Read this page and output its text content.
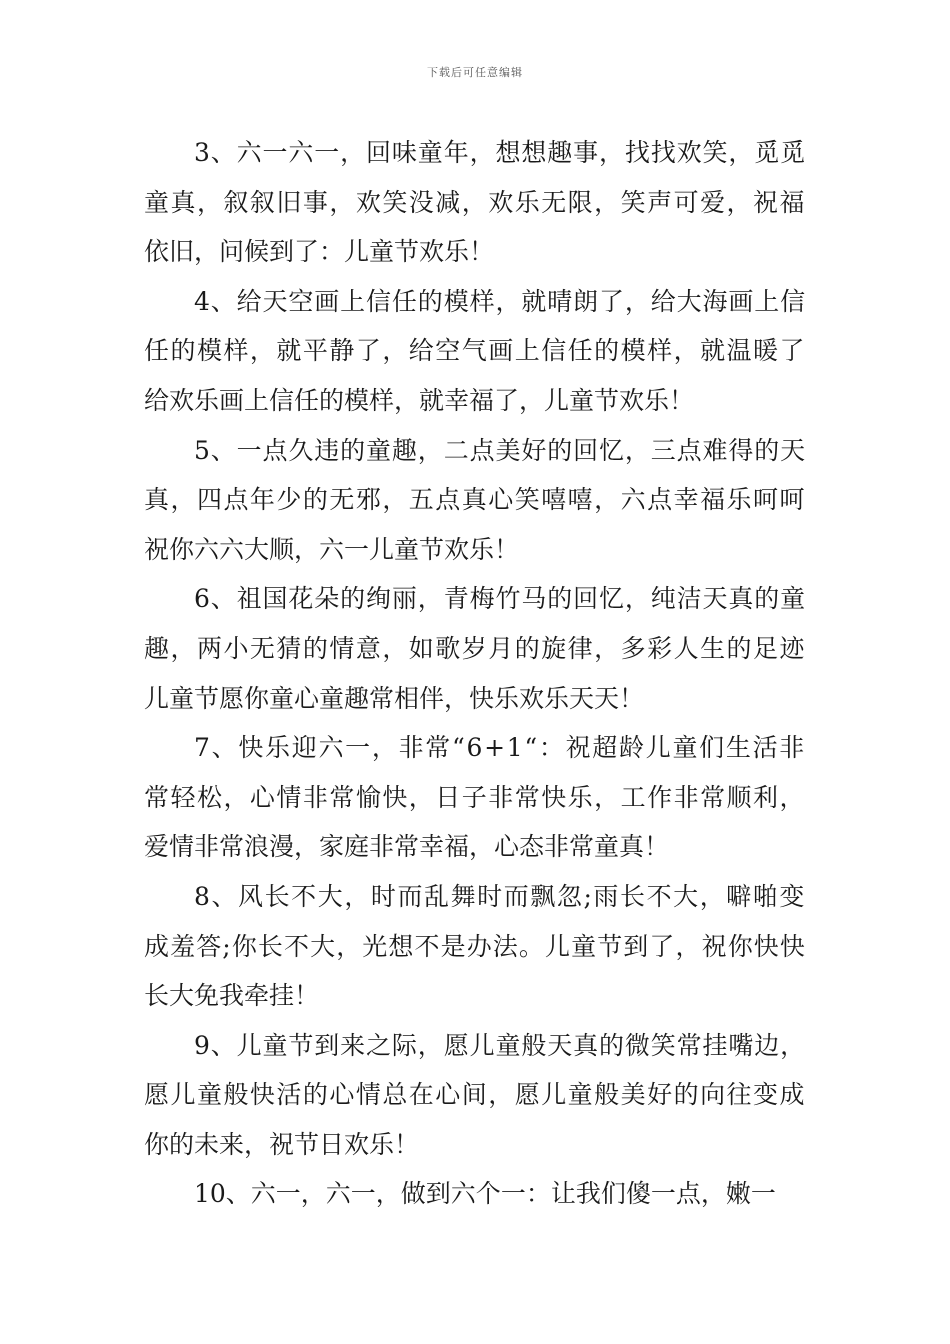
下载后可任意编辑
3、六一六一，回味童年，想想趣事，找找欢笑，觅觅
童真，叙叙旧事，欢笑没减，欢乐无限，笑声可爱，祝福
依旧，问候到了：儿童节欢乐！
4、给天空画上信任的模样，就晴朗了，给大海画上信
任的模样，就平静了，给空气画上信任的模样，就温暖了
给欢乐画上信任的模样，就幸福了，儿童节欢乐！
5、一点久违的童趣，二点美好的回忆，三点难得的天
真，四点年少的无邪，五点真心笑嘻嘻，六点幸福乐呵呵
祝你六六大顺，六一儿童节欢乐！
6、祖国花朵的绚丽，青梅竹马的回忆，纯洁天真的童
趣，两小无猜的情意，如歌岁月的旋律，多彩人生的足迹
儿童节愿你童心童趣常相伴，快乐欢乐天天！
7、快乐迎六一，非常“6+1“：祝超龄儿童们生活非
常轻松，心情非常愉快，日子非常快乐，工作非常顺利，
爱情非常浪漫，家庭非常幸福，心态非常童真！
8、风长不大，时而乱舞时而飘忽;雨长不大，噼啪变
成羞答;你长不大，光想不是办法。儿童节到了，祝你快快
长大免我牵挂！
9、儿童节到来之际，愿儿童般天真的微笑常挂嘴边，
愿儿童般快活的心情总在心间，愿儿童般美好的向往变成
你的未来，祝节日欢乐！
10、六一，六一，做到六个一：让我们傻一点，嫩一
